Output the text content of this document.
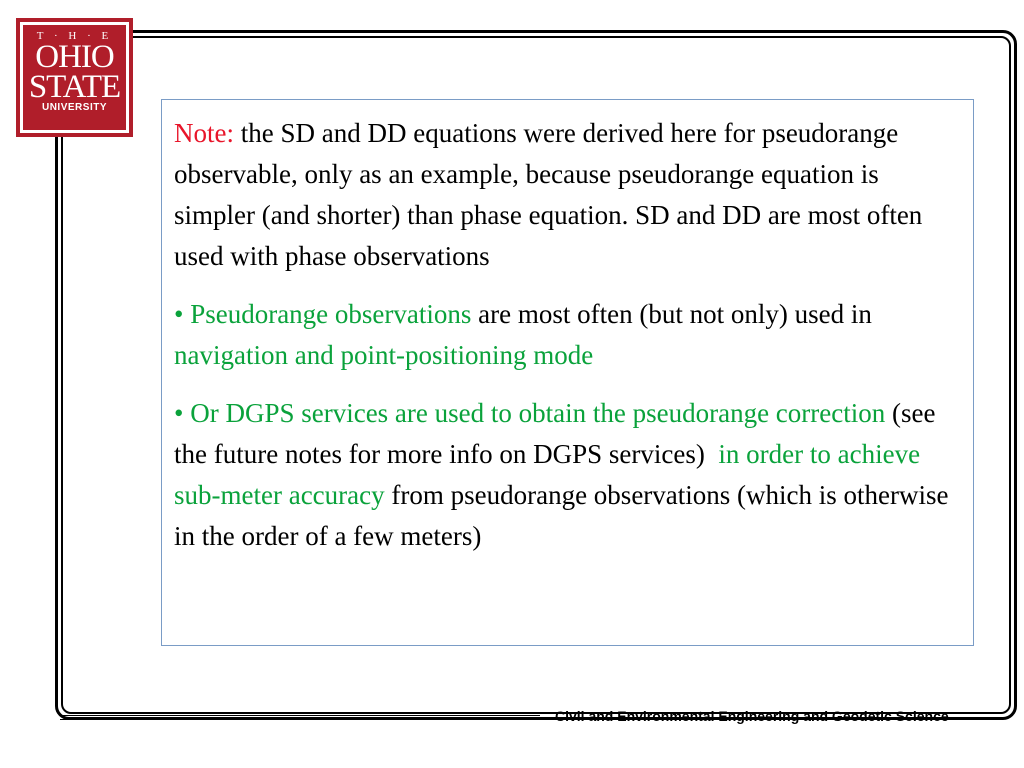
T · H · E
OHIO
STATE
UNIVERSITY

Note: the SD and DD equations were derived here for pseudorange observable, only as an example, because pseudorange equation is simpler (and shorter) than phase equation. SD and DD are most often used with phase observations

• Pseudorange observations are most often (but not only) used in navigation and point-positioning mode

• Or DGPS services are used to obtain the pseudorange correction (see the future notes for more info on DGPS services)  in order to achieve sub-meter accuracy from pseudorange observations (which is otherwise in the order of a few meters)

Civil and Environmental Engineering and Geodetic Science
